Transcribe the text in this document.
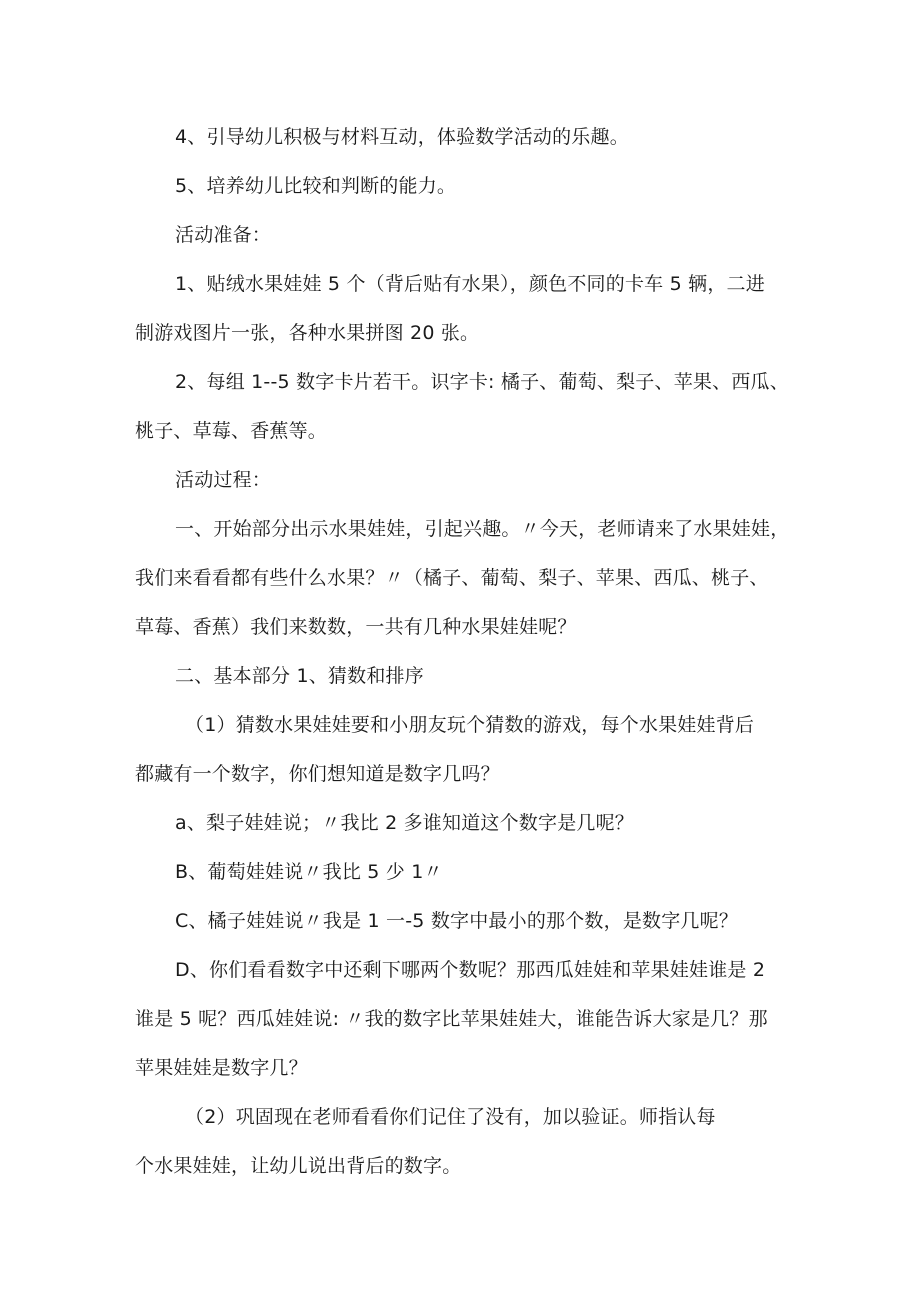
4、引导幼儿积极与材料互动，体验数学活动的乐趣。
5、培养幼儿比较和判断的能力。
活动准备：
1、贴绒水果娃娃 5 个（背后贴有水果），颜色不同的卡车 5 辆，二进
制游戏图片一张，各种水果拼图 20 张。
2、每组 1--5 数字卡片若干。识字卡: 橘子、葡萄、梨子、苹果、西瓜、
桃子、草莓、香蕉等。
活动过程：
一、开始部分出示水果娃娃，引起兴趣。〃今天，老师请来了水果娃娃，
我们来看看都有些什么水果？〃（橘子、葡萄、梨子、苹果、西瓜、桃子、
草莓、香蕉）我们来数数，一共有几种水果娃娃呢？
二、基本部分 1、猜数和排序
（1）猜数水果娃娃要和小朋友玩个猜数的游戏，每个水果娃娃背后
都藏有一个数字，你们想知道是数字几吗？
a、梨子娃娃说；〃我比 2 多谁知道这个数字是几呢？
B、葡萄娃娃说〃我比 5 少 1〃
C、橘子娃娃说〃我是 1 一-5 数字中最小的那个数，是数字几呢？
D、你们看看数字中还剩下哪两个数呢？那西瓜娃娃和苹果娃娃谁是 2
谁是 5 呢？西瓜娃娃说: 〃我的数字比苹果娃娃大，谁能告诉大家是几？那
苹果娃娃是数字几？
（2）巩固现在老师看看你们记住了没有，加以验证。师指认每
个水果娃娃，让幼儿说出背后的数字。
